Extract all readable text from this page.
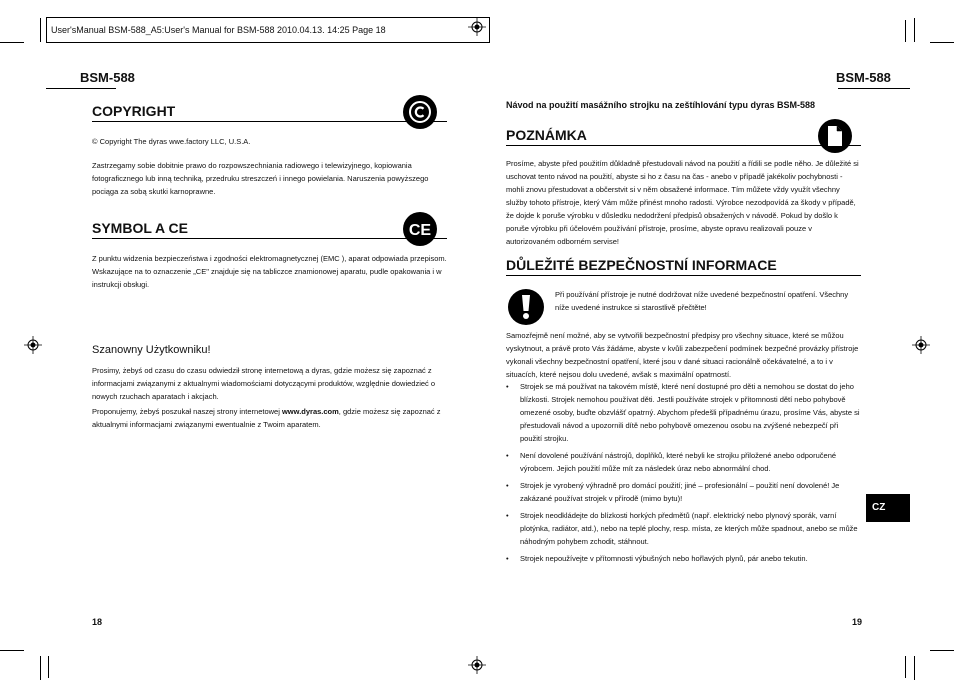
User'sManual BSM-588_A5:User's Manual for BSM-588 2010.04.13. 14:25 Page 18
BSM-588
COPYRIGHT
© Copyright The dyras wwe.factory LLC, U.S.A.
Zastrzegamy sobie dobitnie prawo do rozpowszechniania radiowego i telewizyjnego, kopiowania fotograficznego lub inną techniką, przedruku streszczeń i innego powielania. Naruszenia powyższego pociąga za sobą skutki karnoprawne.
SYMBOL A CE	CE
Z punktu widzenia bezpieczeństwa i zgodności elektromagnetycznej (EMC ), aparat odpowiada przepisom. Wskazujące na to oznaczenie „CE" znajduje się na tabliczce znamionowej aparatu, pudle opakowania i w instrukcji obsługi.
Szanowny Użytkowniku!
Prosimy, żebyś od czasu do czasu odwiedził stronę internetową a dyras, gdzie możesz się zapoznać z informacjami związanymi z aktualnymi wiadomościami dotyczącymi produktów, względnie dowiedzieć o nowych rzuchach aparatach i akcjach.
Proponujemy, żebyś poszukał naszej strony internetowej www.dyras.com, gdzie możesz się zapoznać z aktualnymi informacjami związanymi ewentualnie z Twoim aparatem.
18
BSM-588
Návod na použití masážního strojku na zeštíhlování typu dyras BSM-588
POZNÁMKA
Prosíme, abyste před použitím důkladně přestudovali návod na použití a řídili se podle něho. Je důležité si uschovat tento návod na použití, abyste si ho z času na čas - anebo v případě jakékoliv pochybnosti - mohli znovu přestudovat a občerstvit si v něm obsažené informace. Tím můžete vždy využít všechny služby tohoto přístroje, který Vám může přinést mnoho radosti. Výrobce nezodpovídá za škody v případě, že dojde k poruše výrobku v důsledku nedodržení předpisů obsažených v návodě. Pokud by došlo k poruše výrobku při účelovém používání přístroje, prosíme, abyste opravu realizovali pouze v autorizovaném odborném servise!
DŮLEŽITÉ BEZPEČNOSTNÍ INFORMACE
Při používání přístroje je nutné dodržovat níže uvedené bezpečnostní opatření. Všechny níže uvedené instrukce si starostlivě přečtěte!
Samozřejmě není možné, aby se vytvořili bezpečnostní předpisy pro všechny situace, které se můžou vyskytnout, a právě proto Vás žádáme, abyste v kvůli zabezpečení podmínek bezpečné provázky přístroje vykonali všechny bezpečnostní opatření, které jsou v dané situaci racionálně očekávatelné, a to i v situacích, které nejsou dolu uvedené, avšak s maximální opatrností.
• Strojek se má používat na takovém místě, které není dostupné pro děti a nemohou se dostat do jeho blízkosti. Strojek nemohou používat děti. Jestli používáte strojek v přítomnosti dětí nebo pohybově omezené osoby, buďte obzvlášť opatrný. Abychom předešli případnému úrazu, prosíme Vás, abyste si přestudovali návod a upozornili dítě nebo pohybově omezenou osobu na zvýšené nebezpečí při použití strojku.
• Není dovolené používání nástrojů, doplňků, které nebyli ke strojku přiložené anebo odporučené výrobcem. Jejich použití může mít za následek úraz nebo abnormální chod.
• Strojek je vyrobený výhradně pro domácí použití; jiné – profesionální – použití není dovolené! Je zakázané používat strojek v přírodě (mimo bytu)!
• Strojek neodkládejte do blízkosti horkých předmětů (např. elektrický nebo plynový sporák, varní plotýnka, radiátor, atd.), nebo na teplé plochy, resp. místa, ze kterých může spadnout, anebo se může náhodným pohybem zchodit, stáhnout.
• Strojek nepoužívejte v přítomnosti výbušných nebo hořlavých plynů, pár anebo tekutin.
CZ
19
